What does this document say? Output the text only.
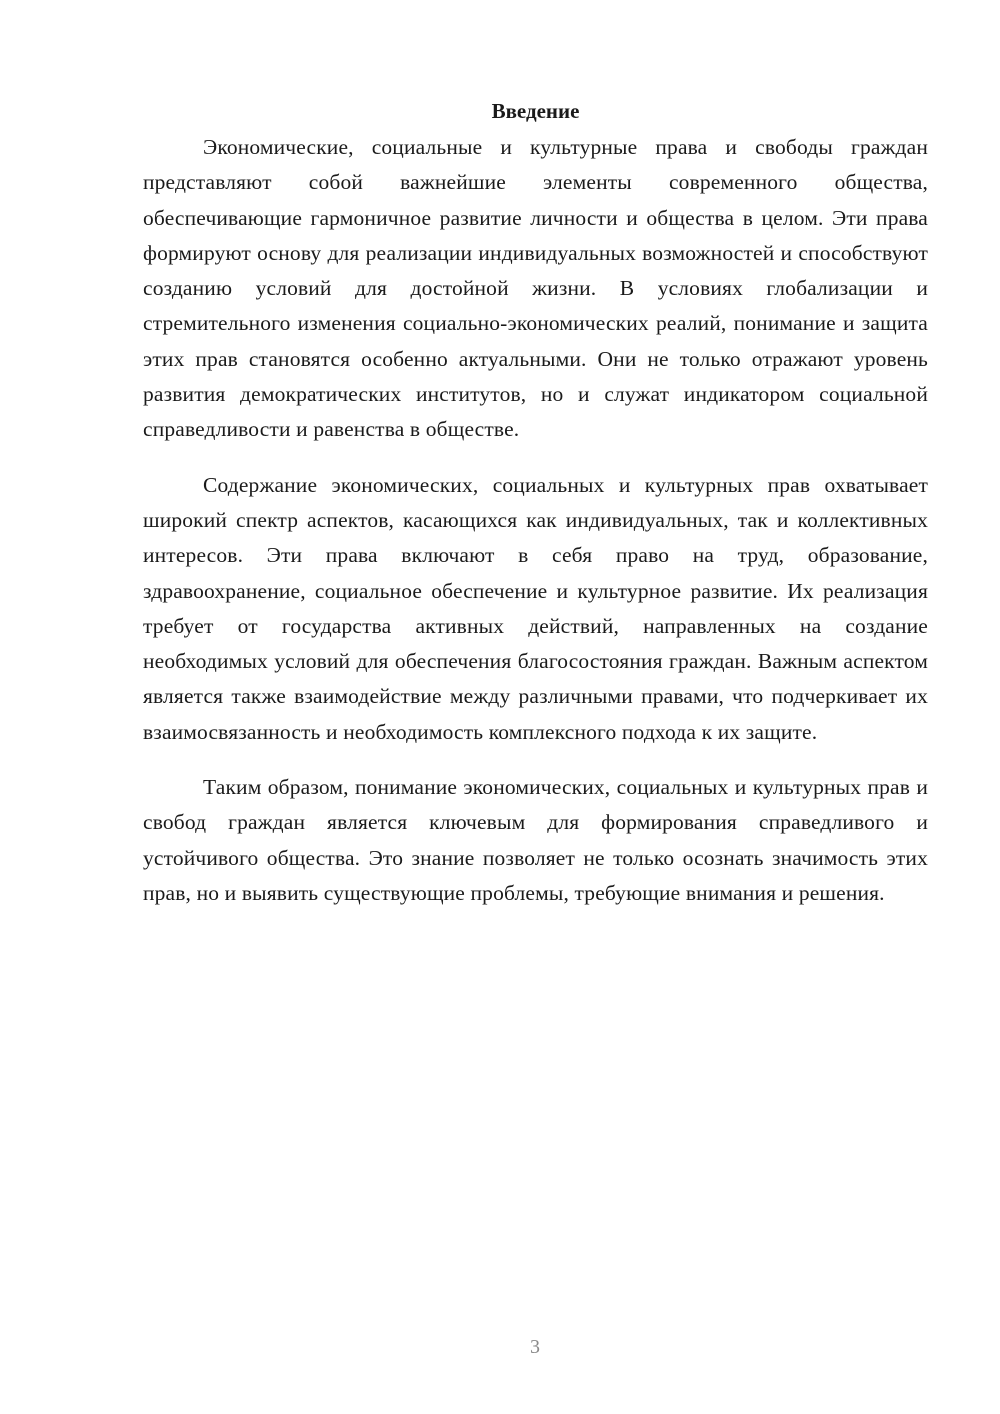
Введение

Экономические, социальные и культурные права и свободы граждан представляют собой важнейшие элементы современного общества, обеспечивающие гармоничное развитие личности и общества в целом. Эти права формируют основу для реализации индивидуальных возможностей и способствуют созданию условий для достойной жизни. В условиях глобализации и стремительного изменения социально-экономических реалий, понимание и защита этих прав становятся особенно актуальными. Они не только отражают уровень развития демократических институтов, но и служат индикатором социальной справедливости и равенства в обществе.

Содержание экономических, социальных и культурных прав охватывает широкий спектр аспектов, касающихся как индивидуальных, так и коллективных интересов. Эти права включают в себя право на труд, образование, здравоохранение, социальное обеспечение и культурное развитие. Их реализация требует от государства активных действий, направленных на создание необходимых условий для обеспечения благосостояния граждан. Важным аспектом является также взаимодействие между различными правами, что подчеркивает их взаимосвязанность и необходимость комплексного подхода к их защите.

Таким образом, понимание экономических, социальных и культурных прав и свобод граждан является ключевым для формирования справедливого и устойчивого общества. Это знание позволяет не только осознать значимость этих прав, но и выявить существующие проблемы, требующие внимания и решения.

3
